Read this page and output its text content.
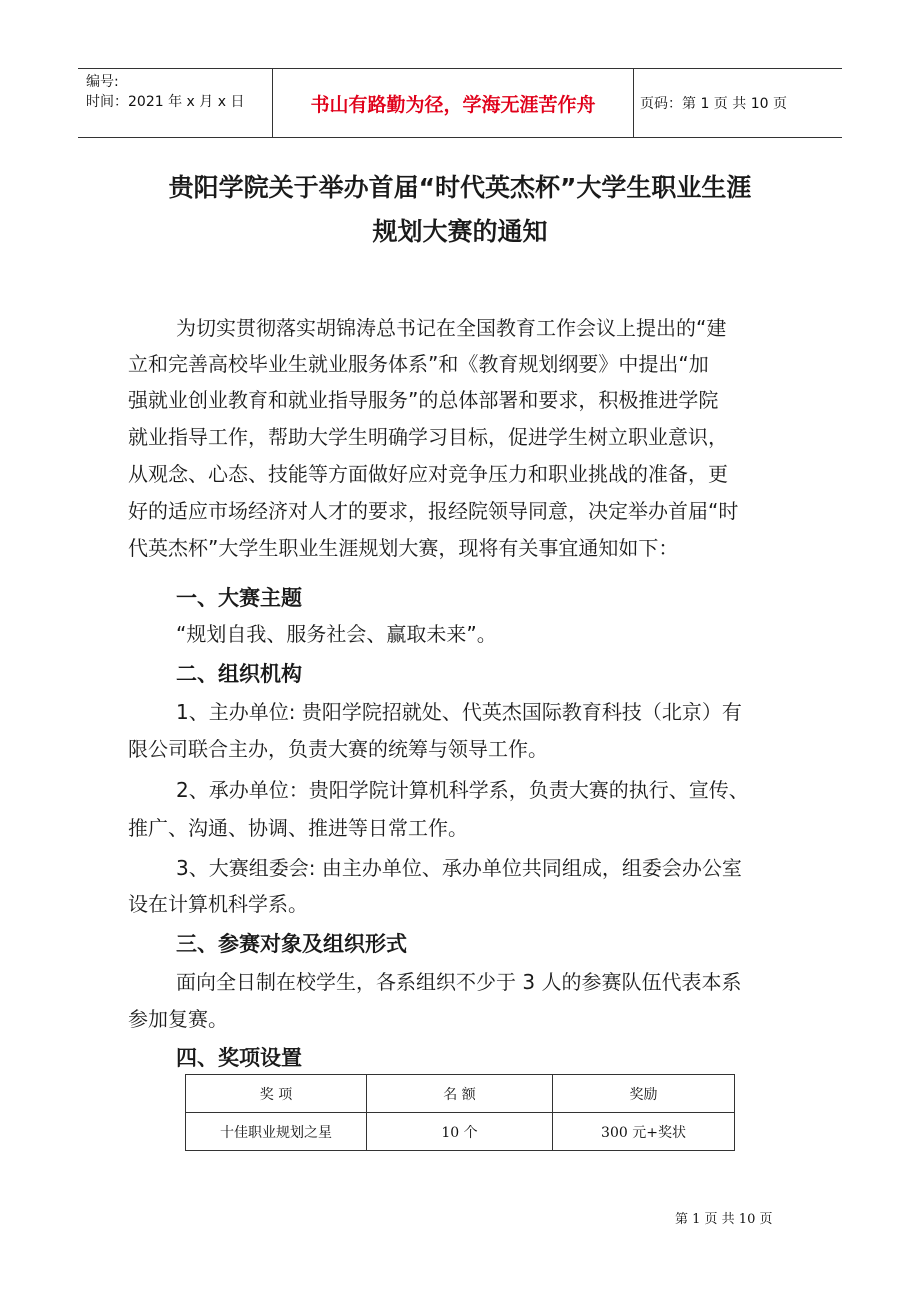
编号:
时间：2021 年 x 月 x 日	书山有路勤为径，学海无涯苦作舟	页码：第 1 页 共 10 页
贵阳学院关于举办首届“时代英杰杯”大学生职业生涯
规划大赛的通知
为切实贯彻落实胡锦涛总书记在全国教育工作会议上提出的“建
立和完善高校毕业生就业服务体系”和《教育规划纲要》中提出“加
强就业创业教育和就业指导服务”的总体部署和要求，积极推进学院
就业指导工作，帮助大学生明确学习目标，促进学生树立职业意识，
从观念、心态、技能等方面做好应对竞争压力和职业挑战的准备，更
好的适应市场经济对人才的要求，报经院领导同意，决定举办首届“时
代英杰杯”大学生职业生涯规划大赛，现将有关事宜通知如下：
一、大赛主题
“规划自我、服务社会、赢取未来”。
二、组织机构
1、主办单位: 贵阳学院招就处、代英杰国际教育科技（北京）有
限公司联合主办，负责大赛的统筹与领导工作。
2、承办单位：贵阳学院计算机科学系，负责大赛的执行、宣传、
推广、沟通、协调、推进等日常工作。
3、大赛组委会: 由主办单位、承办单位共同组成，组委会办公室
设在计算机科学系。
三、参赛对象及组织形式
面向全日制在校学生，各系组织不少于 3 人的参赛队伍代表本系
参加复赛。
四、奖项设置
奖 项	名 额	奖励
十佳职业规划之星	10 个	300 元+奖状
第 1 页 共 10 页
